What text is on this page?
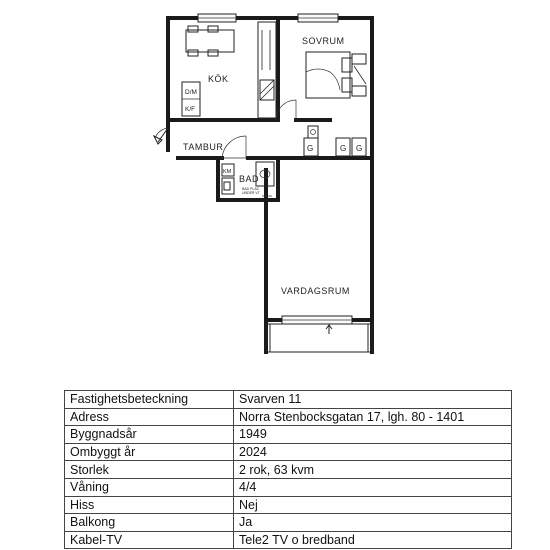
D/M
K/F
G G
G
KM
BAD PLAC
UNDER VT
SOVRUM
KÖK
TAMBUR
BAD
VARDAGSRUM
Fastighetsbeteckning	Svarven 11
Adress	Norra Stenbocksgatan 17, lgh. 80 - 1401
Byggnadsår	1949
Ombyggt år	2024
Storlek	2 rok, 63 kvm
Våning	4/4
Hiss	Nej
Balkong	Ja
Kabel-TV	Tele2 TV o bredband
